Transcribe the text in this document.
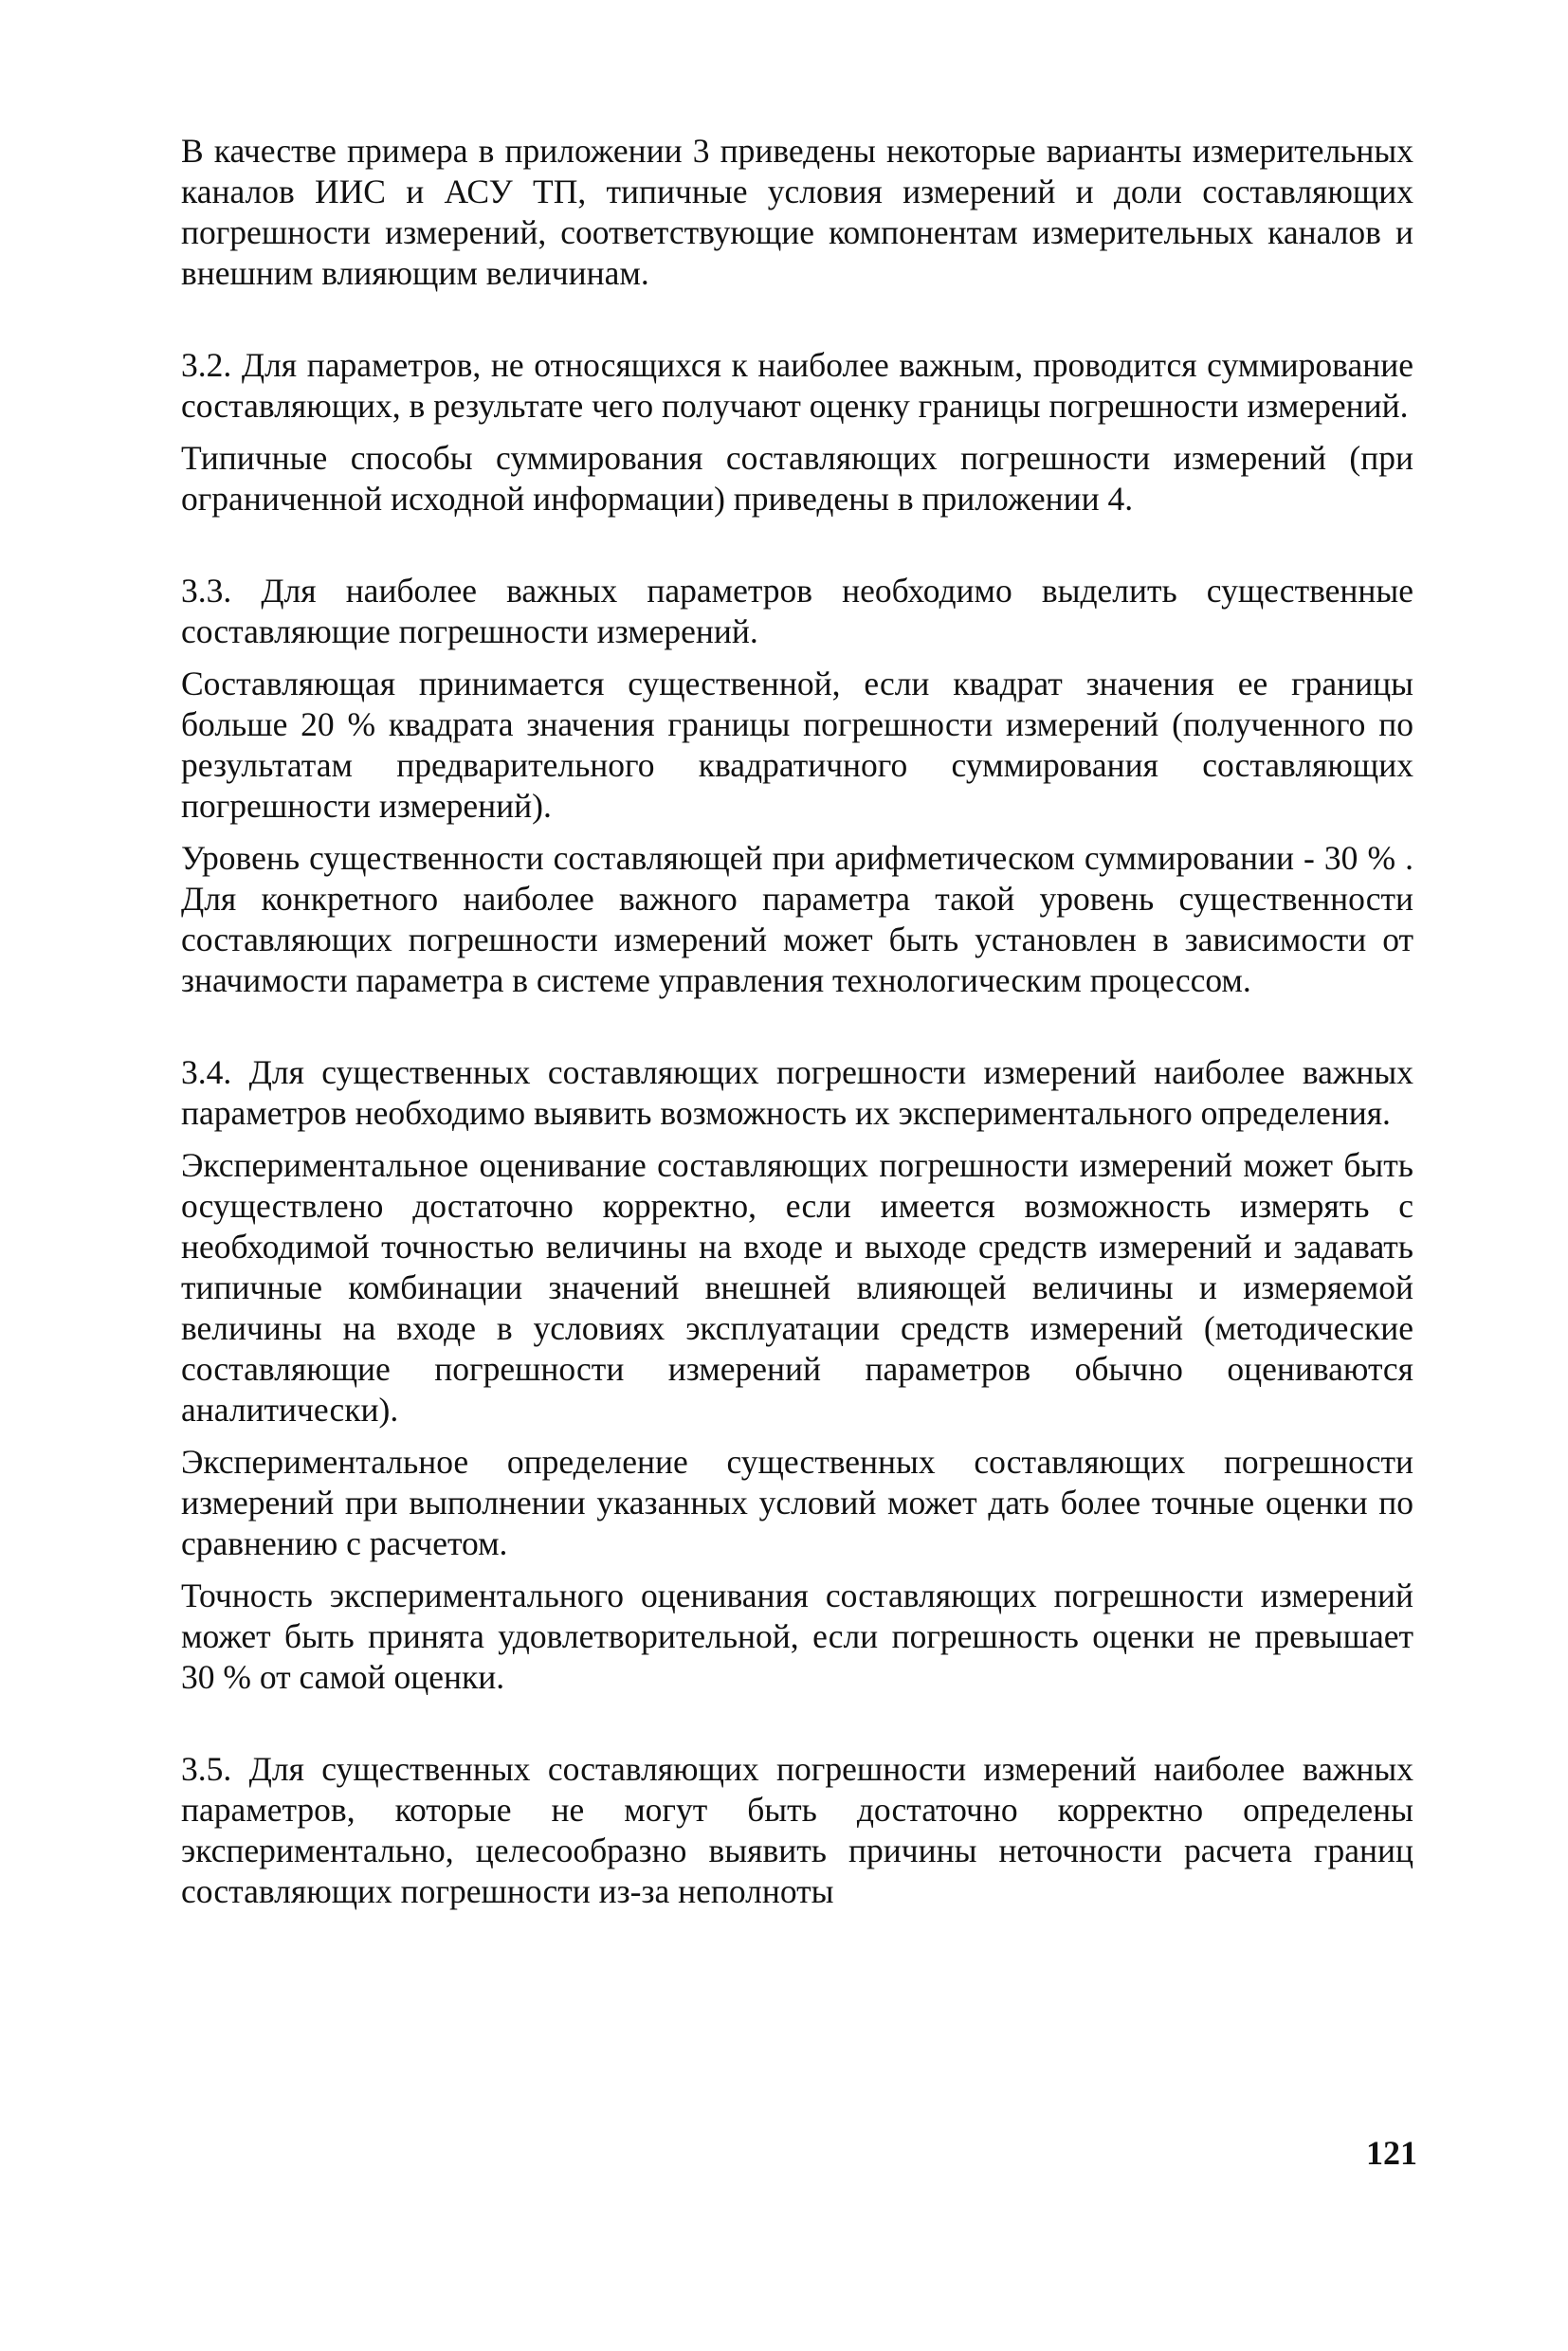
В качестве примера в приложении 3 приведены некоторые варианты измерительных каналов ИИС и АСУ ТП, типичные условия измерений и доли составляющих погрешности измерений, соответствующие компонентам измерительных каналов и внешним влияющим величинам.

3.2. Для параметров, не относящихся к наиболее важным, проводится суммирование составляющих, в результате чего получают оценку границы погрешности измерений.

Типичные способы суммирования составляющих погрешности измерений (при ограниченной исходной информации) приведены в приложении 4.

3.3. Для наиболее важных параметров необходимо выделить существенные составляющие погрешности измерений.

Составляющая принимается существенной, если квадрат значения ее границы больше 20 % квадрата значения границы погрешности измерений (полученного по результатам предварительного квадратичного суммирования составляющих погрешности измерений).

Уровень существенности составляющей при арифметическом суммировании - 30 % . Для конкретного наиболее важного параметра такой уровень существенности составляющих погрешности измерений может быть установлен в зависимости от значимости параметра в системе управления технологическим процессом.

3.4. Для существенных составляющих погрешности измерений наиболее важных параметров необходимо выявить возможность их экспериментального определения.

Экспериментальное оценивание составляющих погрешности измерений может быть осуществлено достаточно корректно, если имеется возможность измерять с необходимой точностью величины на входе и выходе средств измерений и задавать типичные комбинации значений внешней влияющей величины и измеряемой величины на входе в условиях эксплуатации средств измерений (методические составляющие погрешности измерений параметров обычно оцениваются аналитически).

Экспериментальное определение существенных составляющих погрешности измерений при выполнении указанных условий может дать более точные оценки по сравнению с расчетом.

Точность экспериментального оценивания составляющих погрешности измерений может быть принята удовлетворительной, если погрешность оценки не превышает 30 % от самой оценки.

3.5. Для существенных составляющих погрешности измерений наиболее важных параметров, которые не могут быть достаточно корректно определены экспериментально, целесообразно выявить причины неточности расчета границ составляющих погрешности из-за неполноты

121
